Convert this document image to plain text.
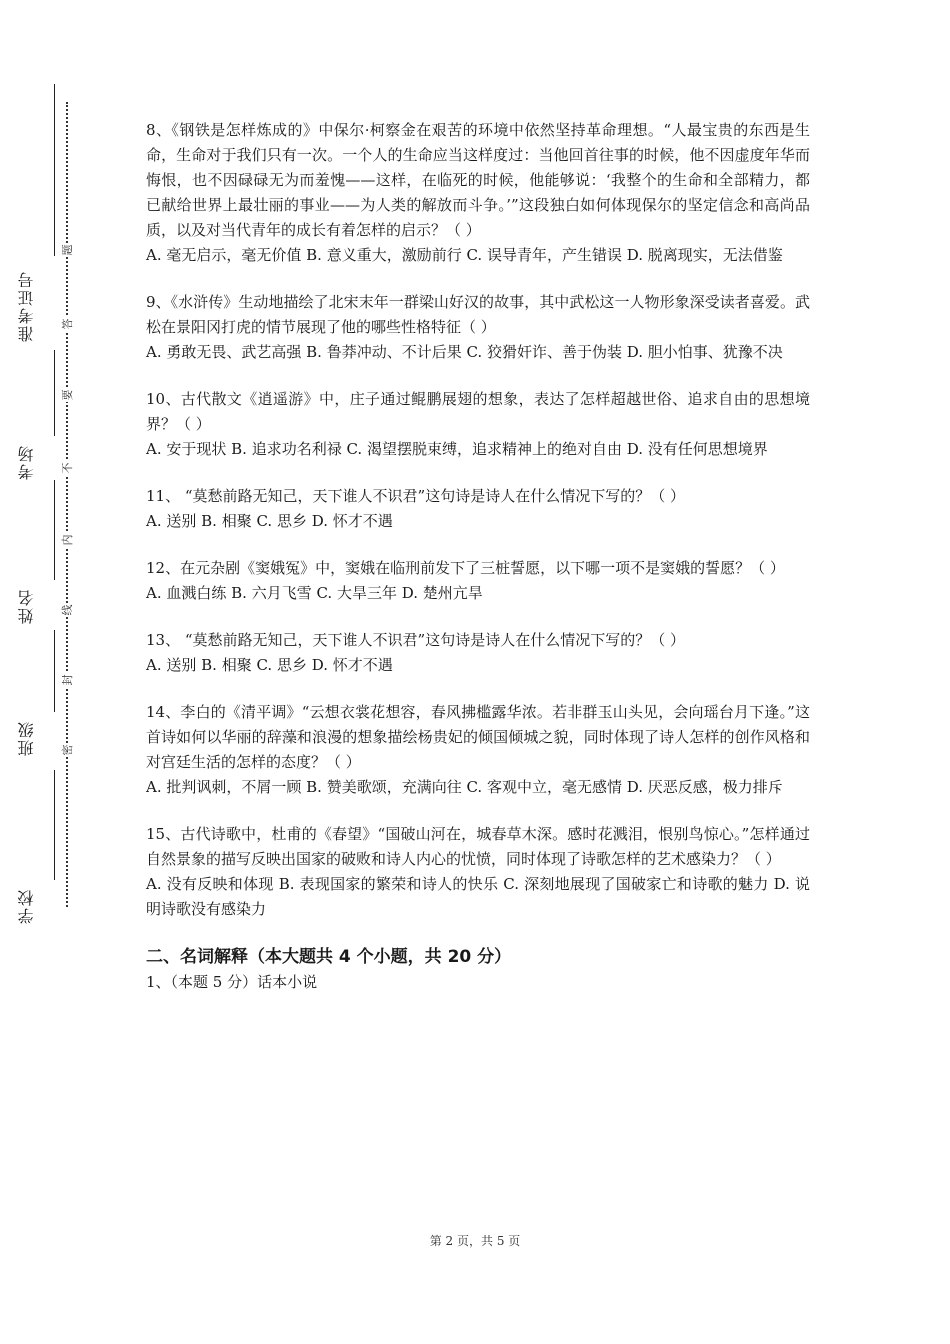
准考证号
考场
姓名
班级
学校
题
答
要
不
内
线
封
密

8、《钢铁是怎样炼成的》中保尔·柯察金在艰苦的环境中依然坚持革命理想。“人最宝贵的东西是生命，生命对于我们只有一次。一个人的生命应当这样度过：当他回首往事的时候，他不因虚度年华而悔恨，也不因碌碌无为而羞愧——这样，在临死的时候，他能够说：‘我整个的生命和全部精力，都已献给世界上最壮丽的事业——为人类的解放而斗争。’”这段独白如何体现保尔的坚定信念和高尚品质，以及对当代青年的成长有着怎样的启示？（ ）

A. 毫无启示，毫无价值 B. 意义重大，激励前行 C. 误导青年，产生错误 D. 脱离现实，无法借鉴

9、《水浒传》生动地描绘了北宋末年一群梁山好汉的故事，其中武松这一人物形象深受读者喜爱。武松在景阳冈打虎的情节展现了他的哪些性格特征（ ）

A. 勇敢无畏、武艺高强 B. 鲁莽冲动、不计后果 C. 狡猾奸诈、善于伪装 D. 胆小怕事、犹豫不决

10、古代散文《逍遥游》中，庄子通过鲲鹏展翅的想象，表达了怎样超越世俗、追求自由的思想境界？（ ）

A. 安于现状 B. 追求功名利禄 C. 渴望摆脱束缚，追求精神上的绝对自由 D. 没有任何思想境界

11、 “莫愁前路无知己，天下谁人不识君”这句诗是诗人在什么情况下写的？（ ）

A. 送别 B. 相聚 C. 思乡 D. 怀才不遇

12、在元杂剧《窦娥冤》中，窦娥在临刑前发下了三桩誓愿，以下哪一项不是窦娥的誓愿？（ ）

A. 血溅白练 B. 六月飞雪 C. 大旱三年 D. 楚州亢旱

13、 “莫愁前路无知己，天下谁人不识君”这句诗是诗人在什么情况下写的？（ ）

A. 送别 B. 相聚 C. 思乡 D. 怀才不遇

14、李白的《清平调》“云想衣裳花想容，春风拂槛露华浓。若非群玉山头见，会向瑶台月下逢。”这首诗如何以华丽的辞藻和浪漫的想象描绘杨贵妃的倾国倾城之貌，同时体现了诗人怎样的创作风格和对宫廷生活的怎样的态度？（ ）

A. 批判讽刺，不屑一顾 B. 赞美歌颂，充满向往 C. 客观中立，毫无感情 D. 厌恶反感，极力排斥

15、古代诗歌中，杜甫的《春望》“国破山河在，城春草木深。感时花溅泪，恨别鸟惊心。”怎样通过自然景象的描写反映出国家的破败和诗人内心的忧愤，同时体现了诗歌怎样的艺术感染力？（ ）

A. 没有反映和体现 B. 表现国家的繁荣和诗人的快乐 C. 深刻地展现了国破家亡和诗歌的魅力 D. 说明诗歌没有感染力

二、名词解释（本大题共 4 个小题，共 20 分）

1、（本题 5 分）话本小说

第 2 页，共 5 页
